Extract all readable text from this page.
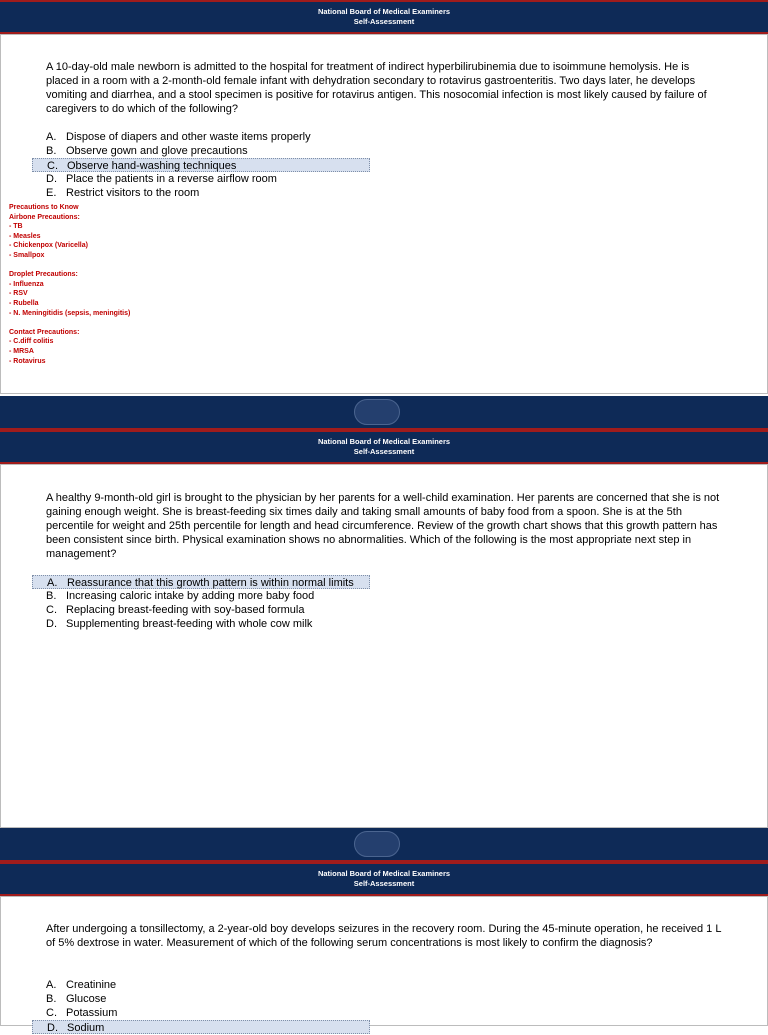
National Board of Medical Examiners
Self-Assessment
A 10-day-old male newborn is admitted to the hospital for treatment of indirect hyperbilirubinemia due to isoimmune hemolysis. He is placed in a room with a 2-month-old female infant with dehydration secondary to rotavirus gastroenteritis. Two days later, he develops vomiting and diarrhea, and a stool specimen is positive for rotavirus antigen. This nosocomial infection is most likely caused by failure of caregivers to do which of the following?
A. Dispose of diapers and other waste items properly
B. Observe gown and glove precautions
C. Observe hand-washing techniques
D. Place the patients in a reverse airflow room
E. Restrict visitors to the room
Precautions to Know
Airbone Precautions:
- TB
- Measles
- Chickenpox (Varicella)
- Smallpox
Droplet Precautions:
- Influenza
- RSV
- Rubella
- N. Meningitidis (sepsis, meningitis)
Contact Precautions:
- C.diff colitis
- MRSA
- Rotavirus
National Board of Medical Examiners
Self-Assessment
A healthy 9-month-old girl is brought to the physician by her parents for a well-child examination. Her parents are concerned that she is not gaining enough weight. She is breast-feeding six times daily and taking small amounts of baby food from a spoon. She is at the 5th percentile for weight and 25th percentile for length and head circumference. Review of the growth chart shows that this growth pattern has been consistent since birth. Physical examination shows no abnormalities. Which of the following is the most appropriate next step in management?
A. Reassurance that this growth pattern is within normal limits
B. Increasing caloric intake by adding more baby food
C. Replacing breast-feeding with soy-based formula
D. Supplementing breast-feeding with whole cow milk
National Board of Medical Examiners
Self-Assessment
After undergoing a tonsillectomy, a 2-year-old boy develops seizures in the recovery room. During the 45-minute operation, he received 1 L of 5% dextrose in water. Measurement of which of the following serum concentrations is most likely to confirm the diagnosis?
A. Creatinine
B. Glucose
C. Potassium
D. Sodium
